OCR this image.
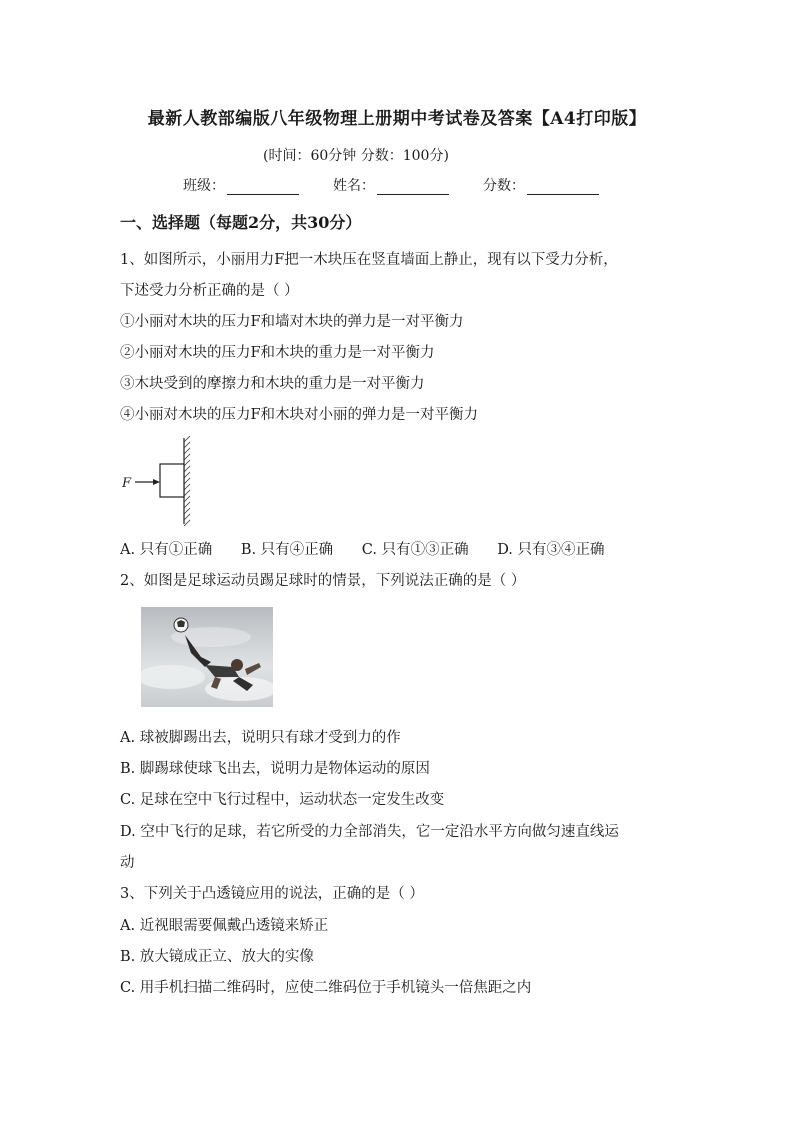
最新人教部编版八年级物理上册期中考试卷及答案【A4打印版】
(时间：60分钟 分数：100分)
班级：	姓名：	分数：
一、选择题（每题2分，共30分）
1、如图所示，小丽用力F把一木块压在竖直墙面上静止，现有以下受力分析，
下述受力分析正确的是（ ）
①小丽对木块的压力F和墙对木块的弹力是一对平衡力
②小丽对木块的压力F和木块的重力是一对平衡力
③木块受到的摩擦力和木块的重力是一对平衡力
④小丽对木块的压力F和木块对小丽的弹力是一对平衡力
F
A. 只有①正确 B. 只有④正确 C. 只有①③正确 D. 只有③④正确
2、如图是足球运动员踢足球时的情景，下列说法正确的是（ ）
A. 球被脚踢出去，说明只有球才受到力的作
B. 脚踢球使球飞出去，说明力是物体运动的原因
C. 足球在空中飞行过程中，运动状态一定发生改变
D. 空中飞行的足球，若它所受的力全部消失，它一定沿水平方向做匀速直线运
动
3、下列关于凸透镜应用的说法，正确的是（ ）
A. 近视眼需要佩戴凸透镜来矫正
B. 放大镜成正立、放大的实像
C. 用手机扫描二维码时，应使二维码位于手机镜头一倍焦距之内
